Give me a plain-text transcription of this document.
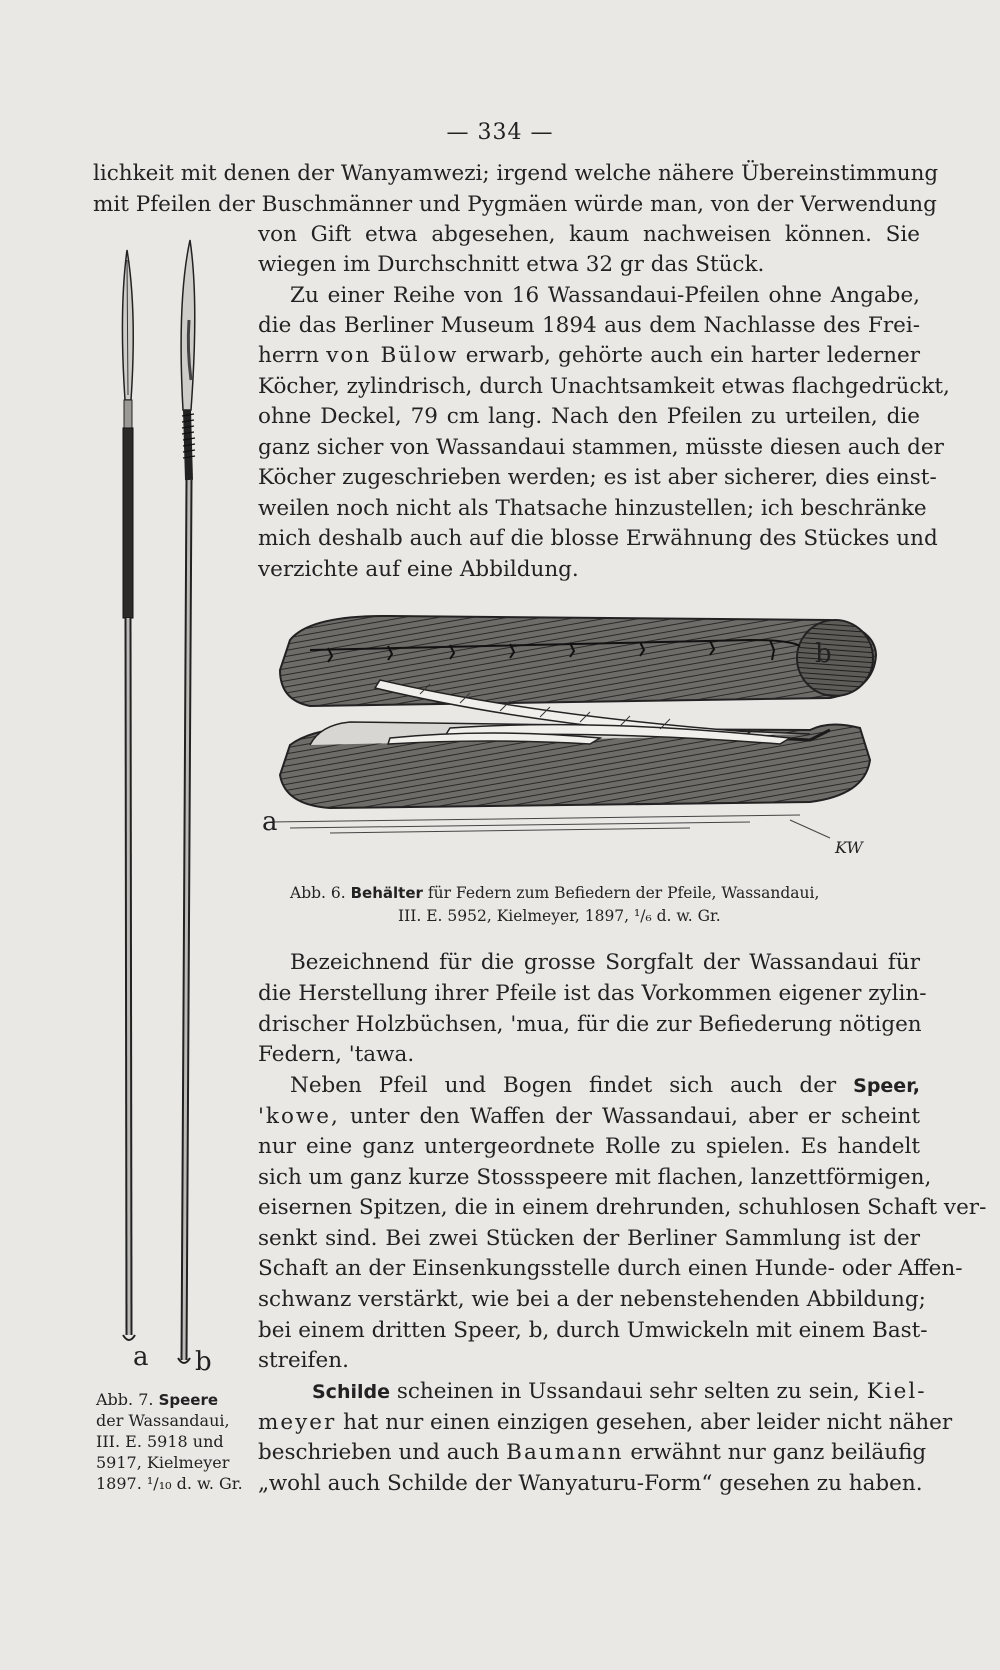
— 334 —
lichkeit mit denen der Wanyamwezi; irgend welche nähere Übereinstimmung
mit Pfeilen der Buschmänner und Pygmäen würde man, von der Verwendung
von Gift etwa abgesehen, kaum nachweisen können. Sie
wiegen im Durchschnitt etwa 32 gr das Stück.
Zu einer Reihe von 16 Wassandaui-Pfeilen ohne Angabe,
die das Berliner Museum 1894 aus dem Nachlasse des Frei-
herrn von Bülow erwarb, gehörte auch ein harter lederner
Köcher, zylindrisch, durch Unachtsamkeit etwas flachgedrückt,
ohne Deckel, 79 cm lang. Nach den Pfeilen zu urteilen, die
ganz sicher von Wassandaui stammen, müsste diesen auch der
Köcher zugeschrieben werden; es ist aber sicherer, dies einst-
weilen noch nicht als Thatsache hinzustellen; ich beschränke
mich deshalb auch auf die blosse Erwähnung des Stückes und
verzichte auf eine Abbildung.
b
a
KW
Abb. 6. Behälter für Federn zum Befiedern der Pfeile, Wassandaui,
III. E. 5952, Kielmeyer, 1897, ¹/₆ d. w. Gr.
Bezeichnend für die grosse Sorgfalt der Wassandaui für
die Herstellung ihrer Pfeile ist das Vorkommen eigener zylin-
drischer Holzbüchsen, 'mua, für die zur Befiederung nötigen
Federn, 'tawa.
Neben Pfeil und Bogen findet sich auch der Speer,
'kowe, unter den Waffen der Wassandaui, aber er scheint
nur eine ganz untergeordnete Rolle zu spielen. Es handelt
sich um ganz kurze Stossspeere mit flachen, lanzettförmigen,
eisernen Spitzen, die in einem drehrunden, schuhlosen Schaft ver-
senkt sind. Bei zwei Stücken der Berliner Sammlung ist der
Schaft an der Einsenkungsstelle durch einen Hunde- oder Affen-
schwanz verstärkt, wie bei a der nebenstehenden Abbildung;
bei einem dritten Speer, b, durch Umwickeln mit einem Bast-
streifen.
Schilde scheinen in Ussandaui sehr selten zu sein, Kiel-
meyer hat nur einen einzigen gesehen, aber leider nicht näher
beschrieben und auch Baumann erwähnt nur ganz beiläufig
„wohl auch Schilde der Wanyaturu-Form“ gesehen zu haben.
a b
Abb. 7. Speere
der Wassandaui,
III. E. 5918 und
5917, Kielmeyer
1897. ¹/₁₀ d. w. Gr.
